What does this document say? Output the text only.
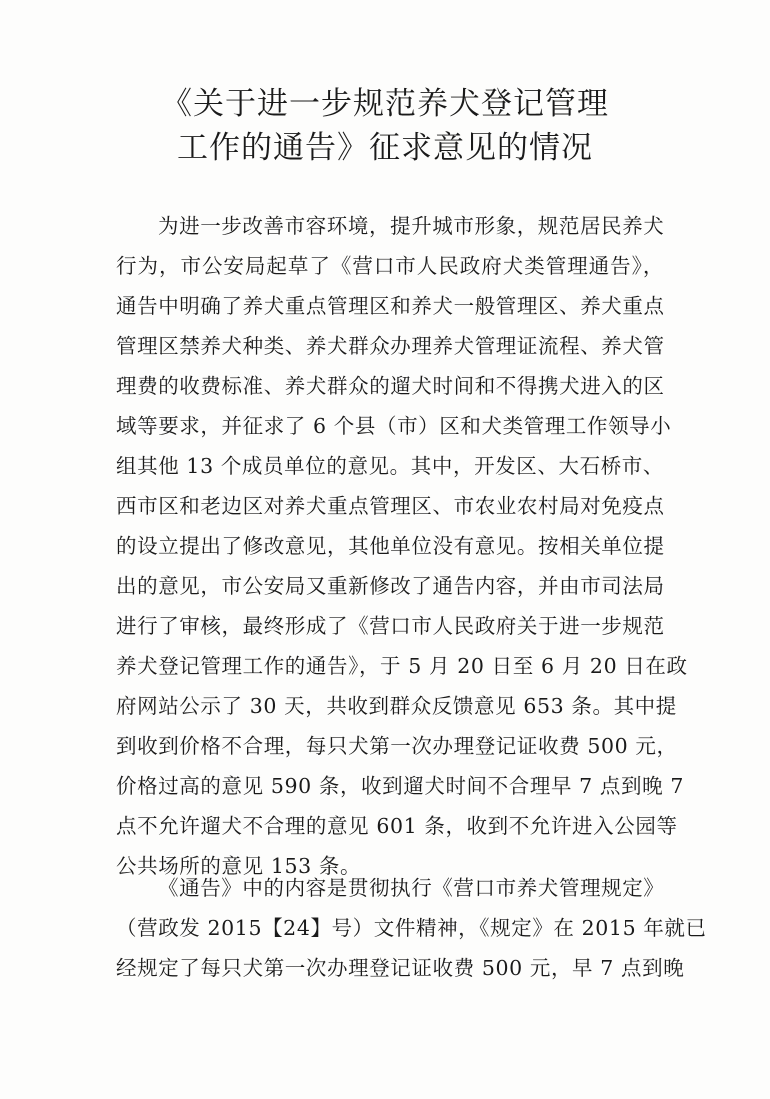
《关于进一步规范养犬登记管理
工作的通告》征求意见的情况
为进一步改善市容环境，提升城市形象，规范居民养犬
行为，市公安局起草了《营口市人民政府犬类管理通告》，
通告中明确了养犬重点管理区和养犬一般管理区、养犬重点
管理区禁养犬种类、养犬群众办理养犬管理证流程、养犬管
理费的收费标准、养犬群众的遛犬时间和不得携犬进入的区
域等要求，并征求了 6 个县（市）区和犬类管理工作领导小
组其他 13 个成员单位的意见。其中，开发区、大石桥市、
西市区和老边区对养犬重点管理区、市农业农村局对免疫点
的设立提出了修改意见，其他单位没有意见。按相关单位提
出的意见，市公安局又重新修改了通告内容，并由市司法局
进行了审核，最终形成了《营口市人民政府关于进一步规范
养犬登记管理工作的通告》，于 5 月 20 日至 6 月 20 日在政
府网站公示了 30 天，共收到群众反馈意见 653 条。其中提
到收到价格不合理，每只犬第一次办理登记证收费 500 元，
价格过高的意见 590 条，收到遛犬时间不合理早 7 点到晚 7
点不允许遛犬不合理的意见 601 条，收到不允许进入公园等
公共场所的意见 153 条。
《通告》中的内容是贯彻执行《营口市养犬管理规定》
（营政发 2015【24】号）文件精神，《规定》在 2015 年就已
经规定了每只犬第一次办理登记证收费 500 元，早 7 点到晚
